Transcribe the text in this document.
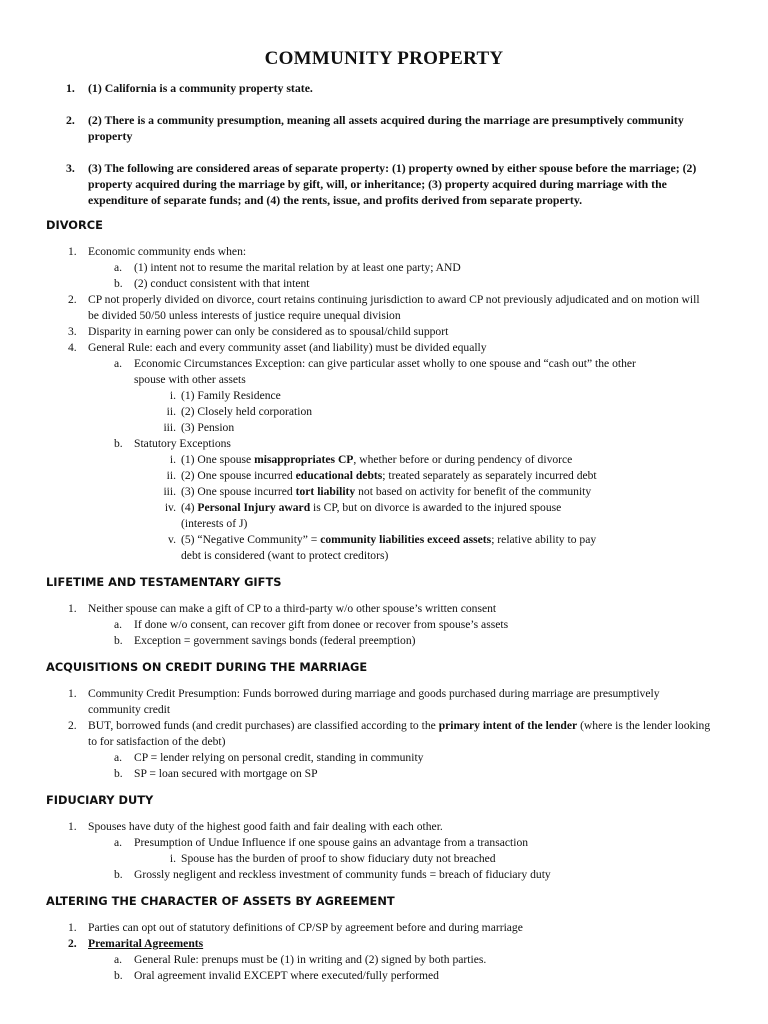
COMMUNITY PROPERTY
1. (1) California is a community property state.
2. (2) There is a community presumption, meaning all assets acquired during the marriage are presumptively community property
3. (3) The following are considered areas of separate property: (1) property owned by either spouse before the marriage; (2) property acquired during the marriage by gift, will, or inheritance; (3) property acquired during marriage with the expenditure of separate funds; and (4) the rents, issue, and profits derived from separate property.
DIVORCE
1. Economic community ends when:
a. (1) intent not to resume the marital relation by at least one party; AND
b. (2) conduct consistent with that intent
2. CP not properly divided on divorce, court retains continuing jurisdiction to award CP not previously adjudicated and on motion will be divided 50/50 unless interests of justice require unequal division
3. Disparity in earning power can only be considered as to spousal/child support
4. General Rule: each and every community asset (and liability) must be divided equally
a. Economic Circumstances Exception: can give particular asset wholly to one spouse and “cash out” the other spouse with other assets
i. (1) Family Residence
ii. (2) Closely held corporation
iii. (3) Pension
b. Statutory Exceptions
i. (1) One spouse misappropriates CP, whether before or during pendency of divorce
ii. (2) One spouse incurred educational debts; treated separately as separately incurred debt
iii. (3) One spouse incurred tort liability not based on activity for benefit of the community
iv. (4) Personal Injury award is CP, but on divorce is awarded to the injured spouse (interests of J)
v. (5) “Negative Community” = community liabilities exceed assets; relative ability to pay debt is considered (want to protect creditors)
LIFETIME AND TESTAMENTARY GIFTS
1. Neither spouse can make a gift of CP to a third-party w/o other spouse’s written consent
a. If done w/o consent, can recover gift from donee or recover from spouse’s assets
b. Exception = government savings bonds (federal preemption)
ACQUISITIONS ON CREDIT DURING THE MARRIAGE
1. Community Credit Presumption: Funds borrowed during marriage and goods purchased during marriage are presumptively community credit
2. BUT, borrowed funds (and credit purchases) are classified according to the primary intent of the lender (where is the lender looking to for satisfaction of the debt)
a. CP = lender relying on personal credit, standing in community
b. SP = loan secured with mortgage on SP
FIDUCIARY DUTY
1. Spouses have duty of the highest good faith and fair dealing with each other.
a. Presumption of Undue Influence if one spouse gains an advantage from a transaction
i. Spouse has the burden of proof to show fiduciary duty not breached
b. Grossly negligent and reckless investment of community funds = breach of fiduciary duty
ALTERING THE CHARACTER OF ASSETS BY AGREEMENT
1. Parties can opt out of statutory definitions of CP/SP by agreement before and during marriage
2. Premarital Agreements
a. General Rule: prenups must be (1) in writing and (2) signed by both parties.
b. Oral agreement invalid EXCEPT where executed/fully performed
